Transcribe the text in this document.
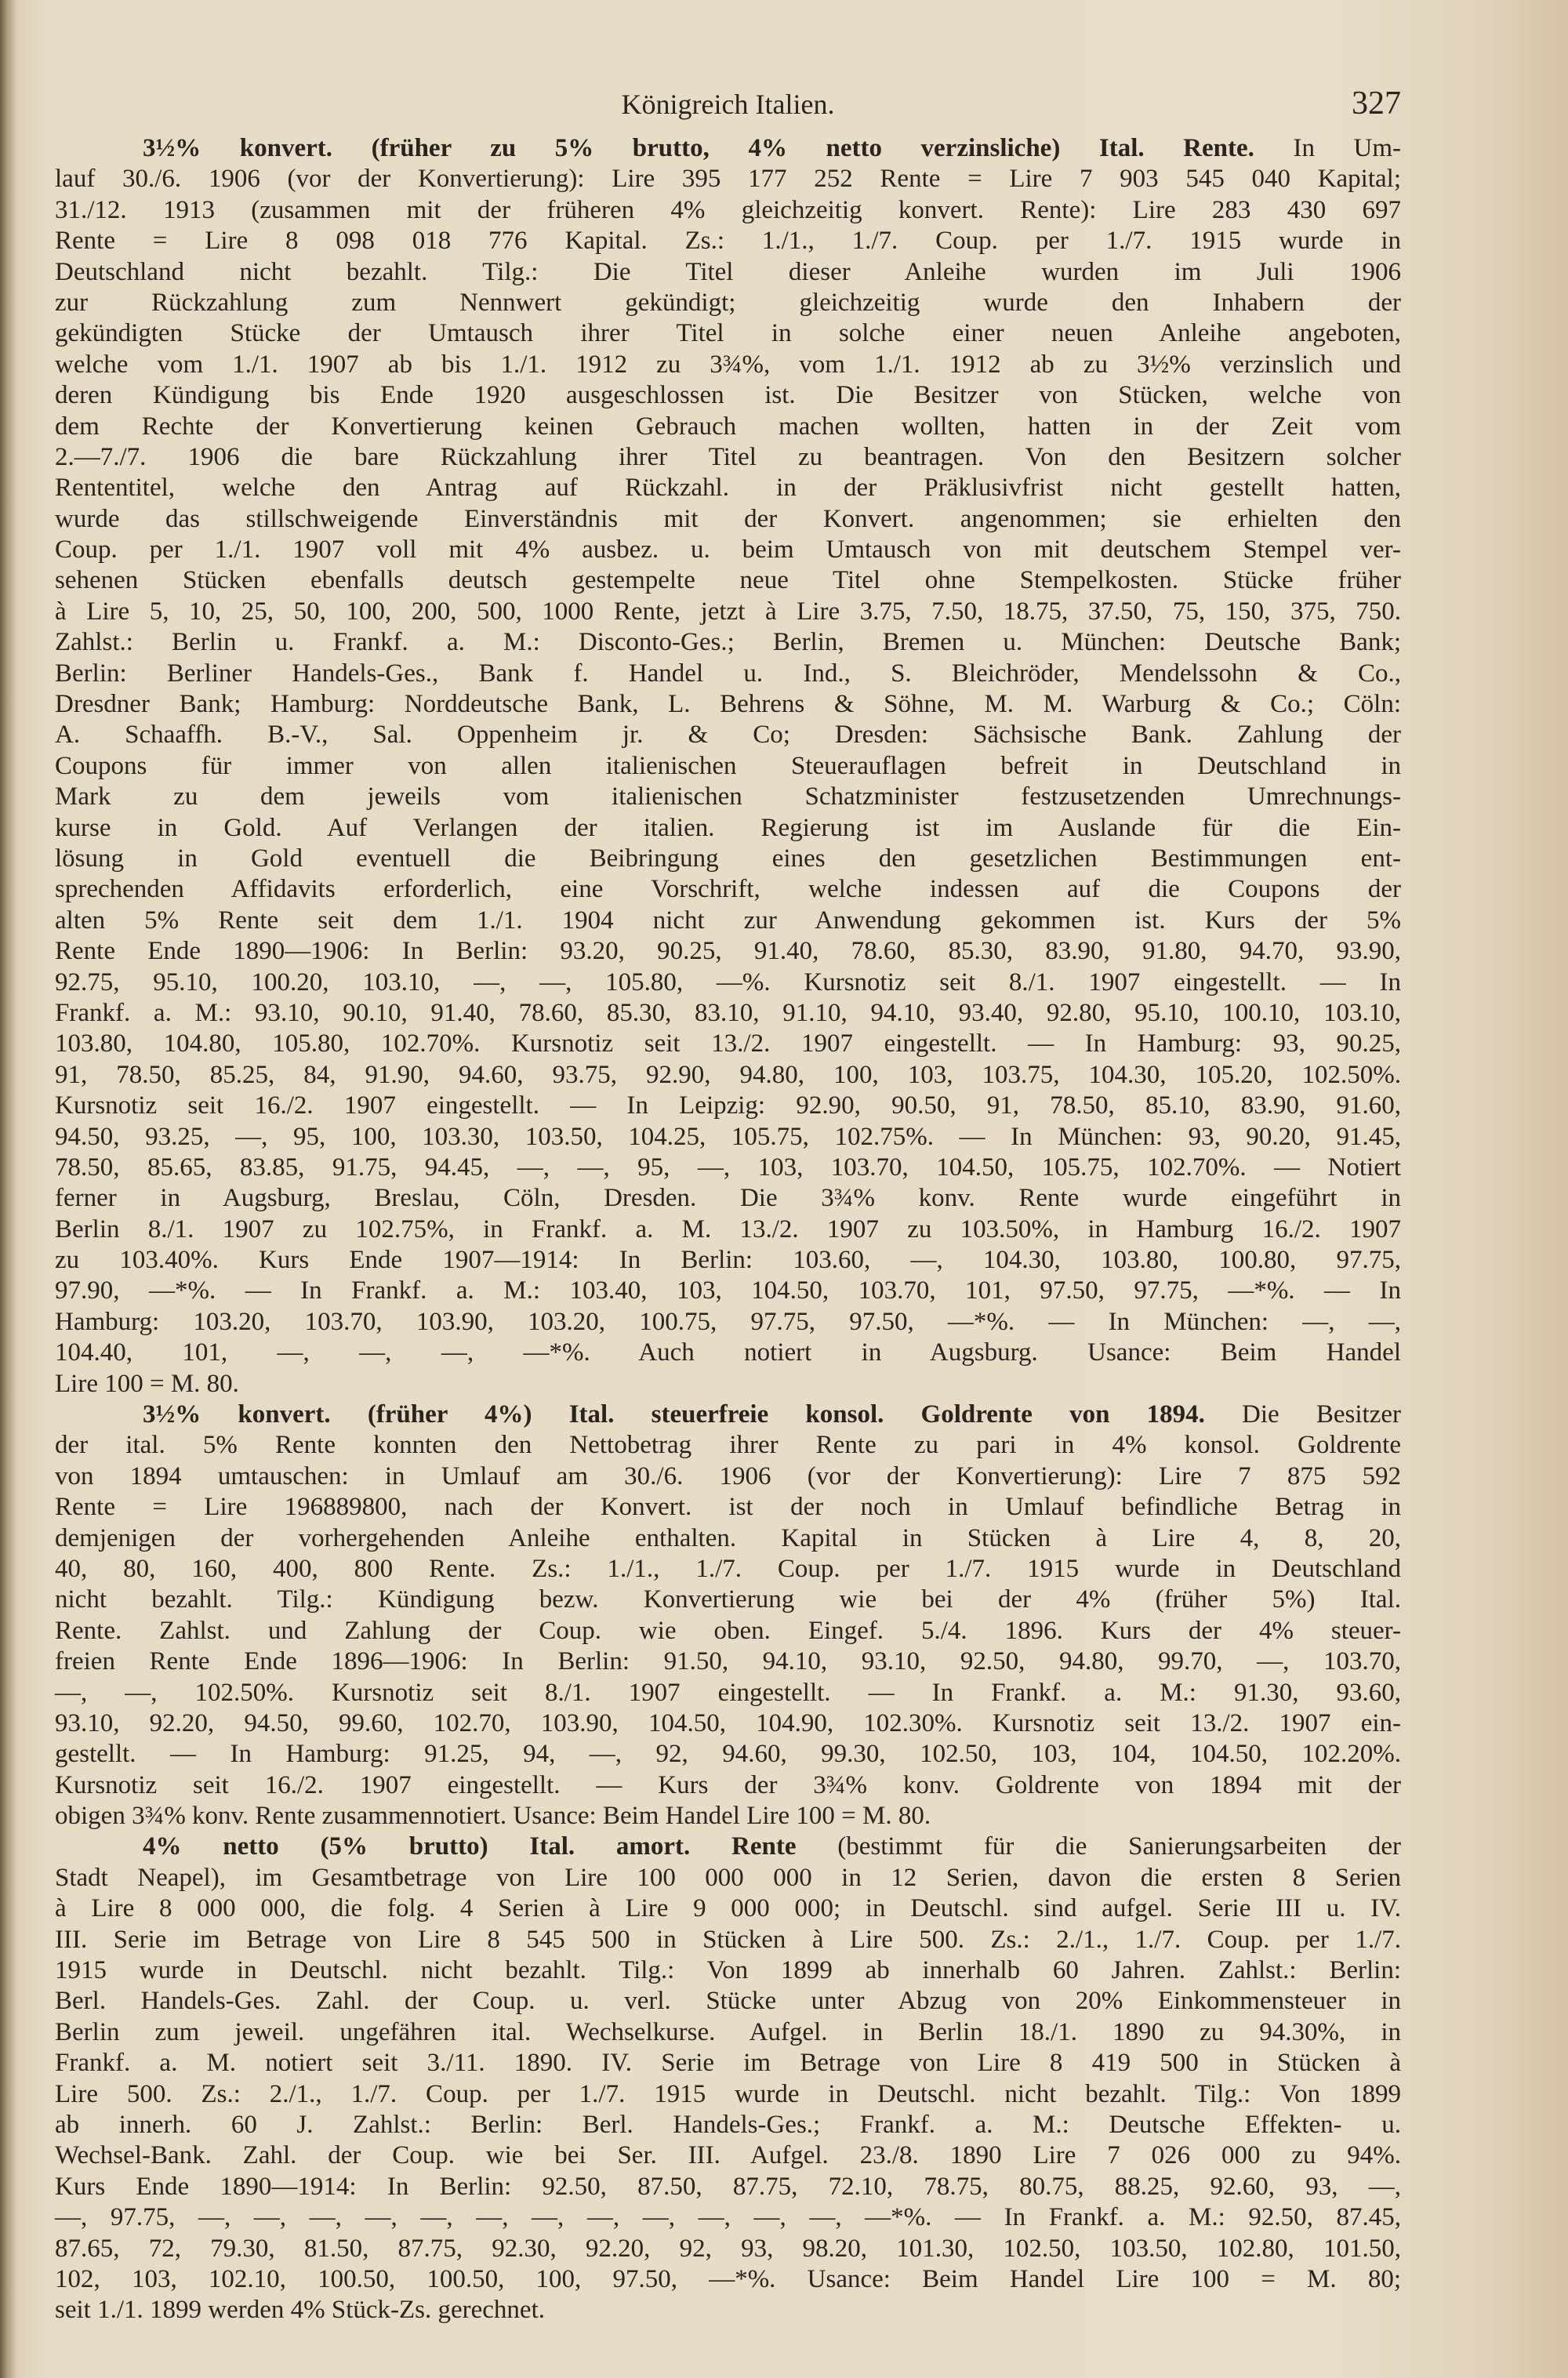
Königreich Italien.	327
3½% konvert. (früher zu 5% brutto, 4% netto verzinsliche) Ital. Rente. In Um-
lauf 30./6. 1906 (vor der Konvertierung): Lire 395 177 252 Rente = Lire 7 903 545 040 Kapital;
31./12. 1913 (zusammen mit der früheren 4% gleichzeitig konvert. Rente): Lire 283 430 697
Rente = Lire 8 098 018 776 Kapital. Zs.: 1./1., 1./7. Coup. per 1./7. 1915 wurde in
Deutschland nicht bezahlt. Tilg.: Die Titel dieser Anleihe wurden im Juli 1906
zur Rückzahlung zum Nennwert gekündigt; gleichzeitig wurde den Inhabern der
gekündigten Stücke der Umtausch ihrer Titel in solche einer neuen Anleihe angeboten,
welche vom 1./1. 1907 ab bis 1./1. 1912 zu 3¾%, vom 1./1. 1912 ab zu 3½% verzinslich und
deren Kündigung bis Ende 1920 ausgeschlossen ist. Die Besitzer von Stücken, welche von
dem Rechte der Konvertierung keinen Gebrauch machen wollten, hatten in der Zeit vom
2.—7./7. 1906 die bare Rückzahlung ihrer Titel zu beantragen. Von den Besitzern solcher
Rententitel, welche den Antrag auf Rückzahl. in der Präklusivfrist nicht gestellt hatten,
wurde das stillschweigende Einverständnis mit der Konvert. angenommen; sie erhielten den
Coup. per 1./1. 1907 voll mit 4% ausbez. u. beim Umtausch von mit deutschem Stempel ver-
sehenen Stücken ebenfalls deutsch gestempelte neue Titel ohne Stempelkosten. Stücke früher
à Lire 5, 10, 25, 50, 100, 200, 500, 1000 Rente, jetzt à Lire 3.75, 7.50, 18.75, 37.50, 75, 150, 375, 750.
Zahlst.: Berlin u. Frankf. a. M.: Disconto-Ges.; Berlin, Bremen u. München: Deutsche Bank;
Berlin: Berliner Handels-Ges., Bank f. Handel u. Ind., S. Bleichröder, Mendelssohn & Co.,
Dresdner Bank; Hamburg: Norddeutsche Bank, L. Behrens & Söhne, M. M. Warburg & Co.; Cöln:
A. Schaaffh. B.-V., Sal. Oppenheim jr. & Co; Dresden: Sächsische Bank. Zahlung der
Coupons für immer von allen italienischen Steuerauflagen befreit in Deutschland in
Mark zu dem jeweils vom italienischen Schatzminister festzusetzenden Umrechnungs-
kurse in Gold. Auf Verlangen der italien. Regierung ist im Auslande für die Ein-
lösung in Gold eventuell die Beibringung eines den gesetzlichen Bestimmungen ent-
sprechenden Affidavits erforderlich, eine Vorschrift, welche indessen auf die Coupons der
alten 5% Rente seit dem 1./1. 1904 nicht zur Anwendung gekommen ist. Kurs der 5%
Rente Ende 1890—1906: In Berlin: 93.20, 90.25, 91.40, 78.60, 85.30, 83.90, 91.80, 94.70, 93.90,
92.75, 95.10, 100.20, 103.10, —, —, 105.80, —%. Kursnotiz seit 8./1. 1907 eingestellt. — In
Frankf. a. M.: 93.10, 90.10, 91.40, 78.60, 85.30, 83.10, 91.10, 94.10, 93.40, 92.80, 95.10, 100.10, 103.10,
103.80, 104.80, 105.80, 102.70%. Kursnotiz seit 13./2. 1907 eingestellt. — In Hamburg: 93, 90.25,
91, 78.50, 85.25, 84, 91.90, 94.60, 93.75, 92.90, 94.80, 100, 103, 103.75, 104.30, 105.20, 102.50%.
Kursnotiz seit 16./2. 1907 eingestellt. — In Leipzig: 92.90, 90.50, 91, 78.50, 85.10, 83.90, 91.60,
94.50, 93.25, —, 95, 100, 103.30, 103.50, 104.25, 105.75, 102.75%. — In München: 93, 90.20, 91.45,
78.50, 85.65, 83.85, 91.75, 94.45, —, —, 95, —, 103, 103.70, 104.50, 105.75, 102.70%. — Notiert
ferner in Augsburg, Breslau, Cöln, Dresden. Die 3¾% konv. Rente wurde eingeführt in
Berlin 8./1. 1907 zu 102.75%, in Frankf. a. M. 13./2. 1907 zu 103.50%, in Hamburg 16./2. 1907
zu 103.40%. Kurs Ende 1907—1914: In Berlin: 103.60, —, 104.30, 103.80, 100.80, 97.75,
97.90, —*%. — In Frankf. a. M.: 103.40, 103, 104.50, 103.70, 101, 97.50, 97.75, —*%. — In
Hamburg: 103.20, 103.70, 103.90, 103.20, 100.75, 97.75, 97.50, —*%. — In München: —, —,
104.40, 101, —, —, —, —*%. Auch notiert in Augsburg. Usance: Beim Handel
Lire 100 = M. 80.
3½% konvert. (früher 4%) Ital. steuerfreie konsol. Goldrente von 1894. Die Besitzer
der ital. 5% Rente konnten den Nettobetrag ihrer Rente zu pari in 4% konsol. Goldrente
von 1894 umtauschen: in Umlauf am 30./6. 1906 (vor der Konvertierung): Lire 7 875 592
Rente = Lire 196889800, nach der Konvert. ist der noch in Umlauf befindliche Betrag in
demjenigen der vorhergehenden Anleihe enthalten. Kapital in Stücken à Lire 4, 8, 20,
40, 80, 160, 400, 800 Rente. Zs.: 1./1., 1./7. Coup. per 1./7. 1915 wurde in Deutschland
nicht bezahlt. Tilg.: Kündigung bezw. Konvertierung wie bei der 4% (früher 5%) Ital.
Rente. Zahlst. und Zahlung der Coup. wie oben. Eingef. 5./4. 1896. Kurs der 4% steuer-
freien Rente Ende 1896—1906: In Berlin: 91.50, 94.10, 93.10, 92.50, 94.80, 99.70, —, 103.70,
—, —, 102.50%. Kursnotiz seit 8./1. 1907 eingestellt. — In Frankf. a. M.: 91.30, 93.60,
93.10, 92.20, 94.50, 99.60, 102.70, 103.90, 104.50, 104.90, 102.30%. Kursnotiz seit 13./2. 1907 ein-
gestellt. — In Hamburg: 91.25, 94, —, 92, 94.60, 99.30, 102.50, 103, 104, 104.50, 102.20%.
Kursnotiz seit 16./2. 1907 eingestellt. — Kurs der 3¾% konv. Goldrente von 1894 mit der
obigen 3¾% konv. Rente zusammennotiert. Usance: Beim Handel Lire 100 = M. 80.
4% netto (5% brutto) Ital. amort. Rente (bestimmt für die Sanierungsarbeiten der
Stadt Neapel), im Gesamtbetrage von Lire 100 000 000 in 12 Serien, davon die ersten 8 Serien
à Lire 8 000 000, die folg. 4 Serien à Lire 9 000 000; in Deutschl. sind aufgel. Serie III u. IV.
III. Serie im Betrage von Lire 8 545 500 in Stücken à Lire 500. Zs.: 2./1., 1./7. Coup. per 1./7.
1915 wurde in Deutschl. nicht bezahlt. Tilg.: Von 1899 ab innerhalb 60 Jahren. Zahlst.: Berlin:
Berl. Handels-Ges. Zahl. der Coup. u. verl. Stücke unter Abzug von 20% Einkommensteuer in
Berlin zum jeweil. ungefähren ital. Wechselkurse. Aufgel. in Berlin 18./1. 1890 zu 94.30%, in
Frankf. a. M. notiert seit 3./11. 1890. IV. Serie im Betrage von Lire 8 419 500 in Stücken à
Lire 500. Zs.: 2./1., 1./7. Coup. per 1./7. 1915 wurde in Deutschl. nicht bezahlt. Tilg.: Von 1899
ab innerh. 60 J. Zahlst.: Berlin: Berl. Handels-Ges.; Frankf. a. M.: Deutsche Effekten- u.
Wechsel-Bank. Zahl. der Coup. wie bei Ser. III. Aufgel. 23./8. 1890 Lire 7 026 000 zu 94%.
Kurs Ende 1890—1914: In Berlin: 92.50, 87.50, 87.75, 72.10, 78.75, 80.75, 88.25, 92.60, 93, —,
—, 97.75, —, —, —, —, —, —, —, —, —, —, —, —, —*%. — In Frankf. a. M.: 92.50, 87.45,
87.65, 72, 79.30, 81.50, 87.75, 92.30, 92.20, 92, 93, 98.20, 101.30, 102.50, 103.50, 102.80, 101.50,
102, 103, 102.10, 100.50, 100.50, 100, 97.50, —*%. Usance: Beim Handel Lire 100 = M. 80;
seit 1./1. 1899 werden 4% Stück-Zs. gerechnet.
